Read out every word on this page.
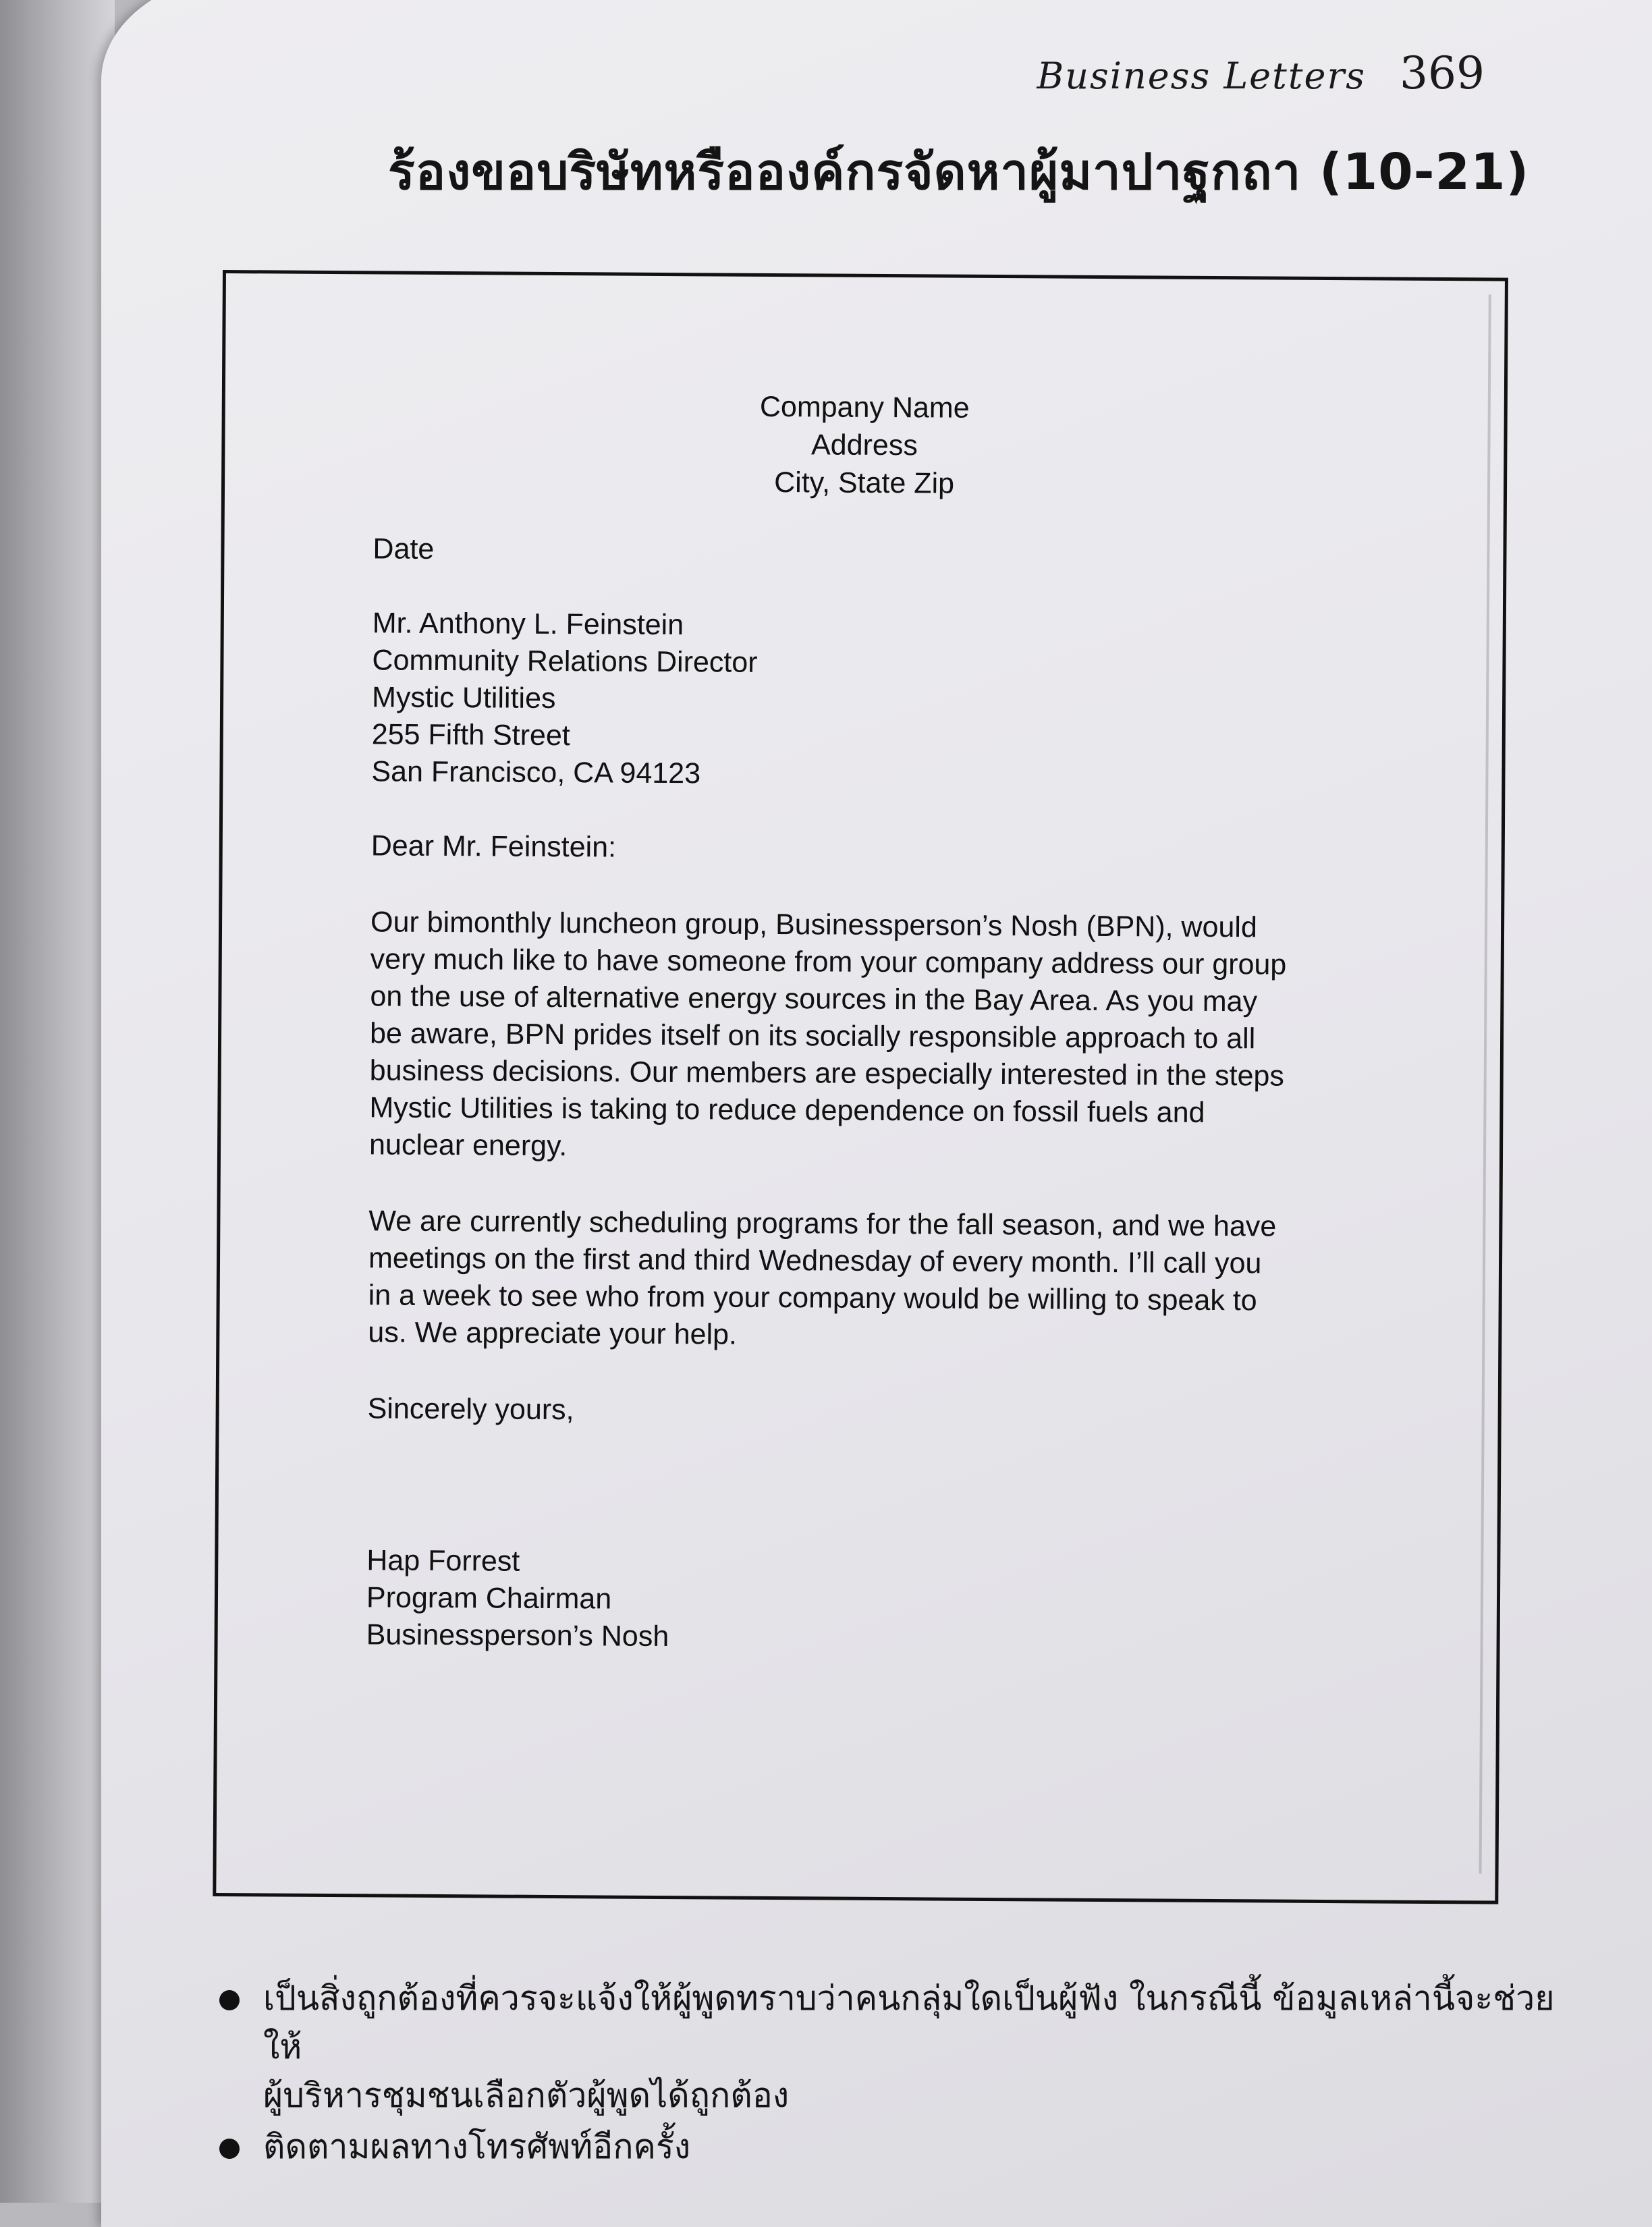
Business Letters 369
ร้องขอบริษัทหรือองค์กรจัดหาผู้มาปาฐกถา (10-21)
Company Name
Address
City, State Zip

Date

Mr. Anthony L. Feinstein

Community Relations Director

Mystic Utilities

255 Fifth Street

San Francisco, CA 94123

Dear Mr. Feinstein:

Our bimonthly luncheon group, Businessperson’s Nosh (BPN), would

very much like to have someone from your company address our group

on the use of alternative energy sources in the Bay Area. As you may

be aware, BPN prides itself on its socially responsible approach to all

business decisions. Our members are especially interested in the steps

Mystic Utilities is taking to reduce dependence on fossil fuels and

nuclear energy.

We are currently scheduling programs for the fall season, and we have

meetings on the first and third Wednesday of every month. I’ll call you

in a week to see who from your company would be willing to speak to

us. We appreciate your help.

Sincerely yours,

Hap Forrest

Program Chairman

Businessperson’s Nosh

เป็นสิ่งถูกต้องที่ควรจะแจ้งให้ผู้พูดทราบว่าคนกลุ่มใดเป็นผู้ฟัง ในกรณีนี้ ข้อมูลเหล่านี้จะช่วยให้
ผู้บริหารชุมชนเลือกตัวผู้พูดได้ถูกต้อง
ติดตามผลทางโทรศัพท์อีกครั้ง
